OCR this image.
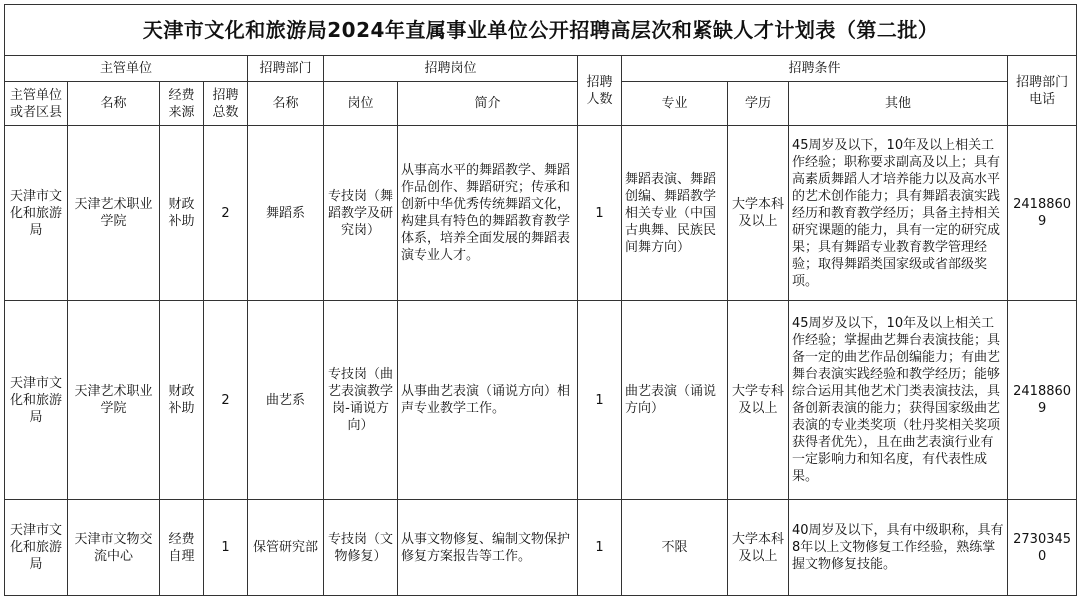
天津市文化和旅游局2024年直属事业单位公开招聘高层次和紧缺人才计划表（第二批）											
主管单位				招聘部门	招聘岗位		招聘人数	招聘条件			招聘部门电话
主管单位或者区县	名称	经费来源	招聘总数	名称	岗位	简介		专业	学历	其他	
天津市文化和旅游局	天津艺术职业学院	财政补助	2	舞蹈系	专技岗（舞蹈教学及研究岗）	从事高水平的舞蹈教学、舞蹈作品创作、舞蹈研究；传承和创新中华优秀传统舞蹈文化，构建具有特色的舞蹈教育教学体系，培养全面发展的舞蹈表演专业人才。	1	舞蹈表演、舞蹈创编、舞蹈教学相关专业（中国古典舞、民族民间舞方向）	大学本科及以上	45周岁及以下，10年及以上相关工作经验；职称要求副高及以上；具有高素质舞蹈人才培养能力以及高水平的艺术创作能力；具有舞蹈表演实践经历和教育教学经历；具备主持相关研究课题的能力，具有一定的研究成果；具有舞蹈专业教育教学管理经验；取得舞蹈类国家级或省部级奖项。	24188609
天津市文化和旅游局	天津艺术职业学院	财政补助	2	曲艺系	专技岗（曲艺表演教学岗-诵说方向）	从事曲艺表演（诵说方向）相声专业教学工作。	1	曲艺表演（诵说方向）	大学专科及以上	45周岁及以下，10年及以上相关工作经验；掌握曲艺舞台表演技能；具备一定的曲艺作品创编能力；有曲艺舞台表演实践经验和教学经历；能够综合运用其他艺术门类表演技法，具备创新表演的能力；获得国家级曲艺表演的专业类奖项（牡丹奖相关奖项获得者优先），且在曲艺表演行业有一定影响力和知名度，有代表性成果。	24188609
天津市文化和旅游局	天津市文物交流中心	经费自理	1	保管研究部	专技岗（文物修复）	从事文物修复、编制文物保护修复方案报告等工作。	1	不限	大学本科及以上	40周岁及以下，具有中级职称，具有8年以上文物修复工作经验，熟练掌握文物修复技能。	27303450
